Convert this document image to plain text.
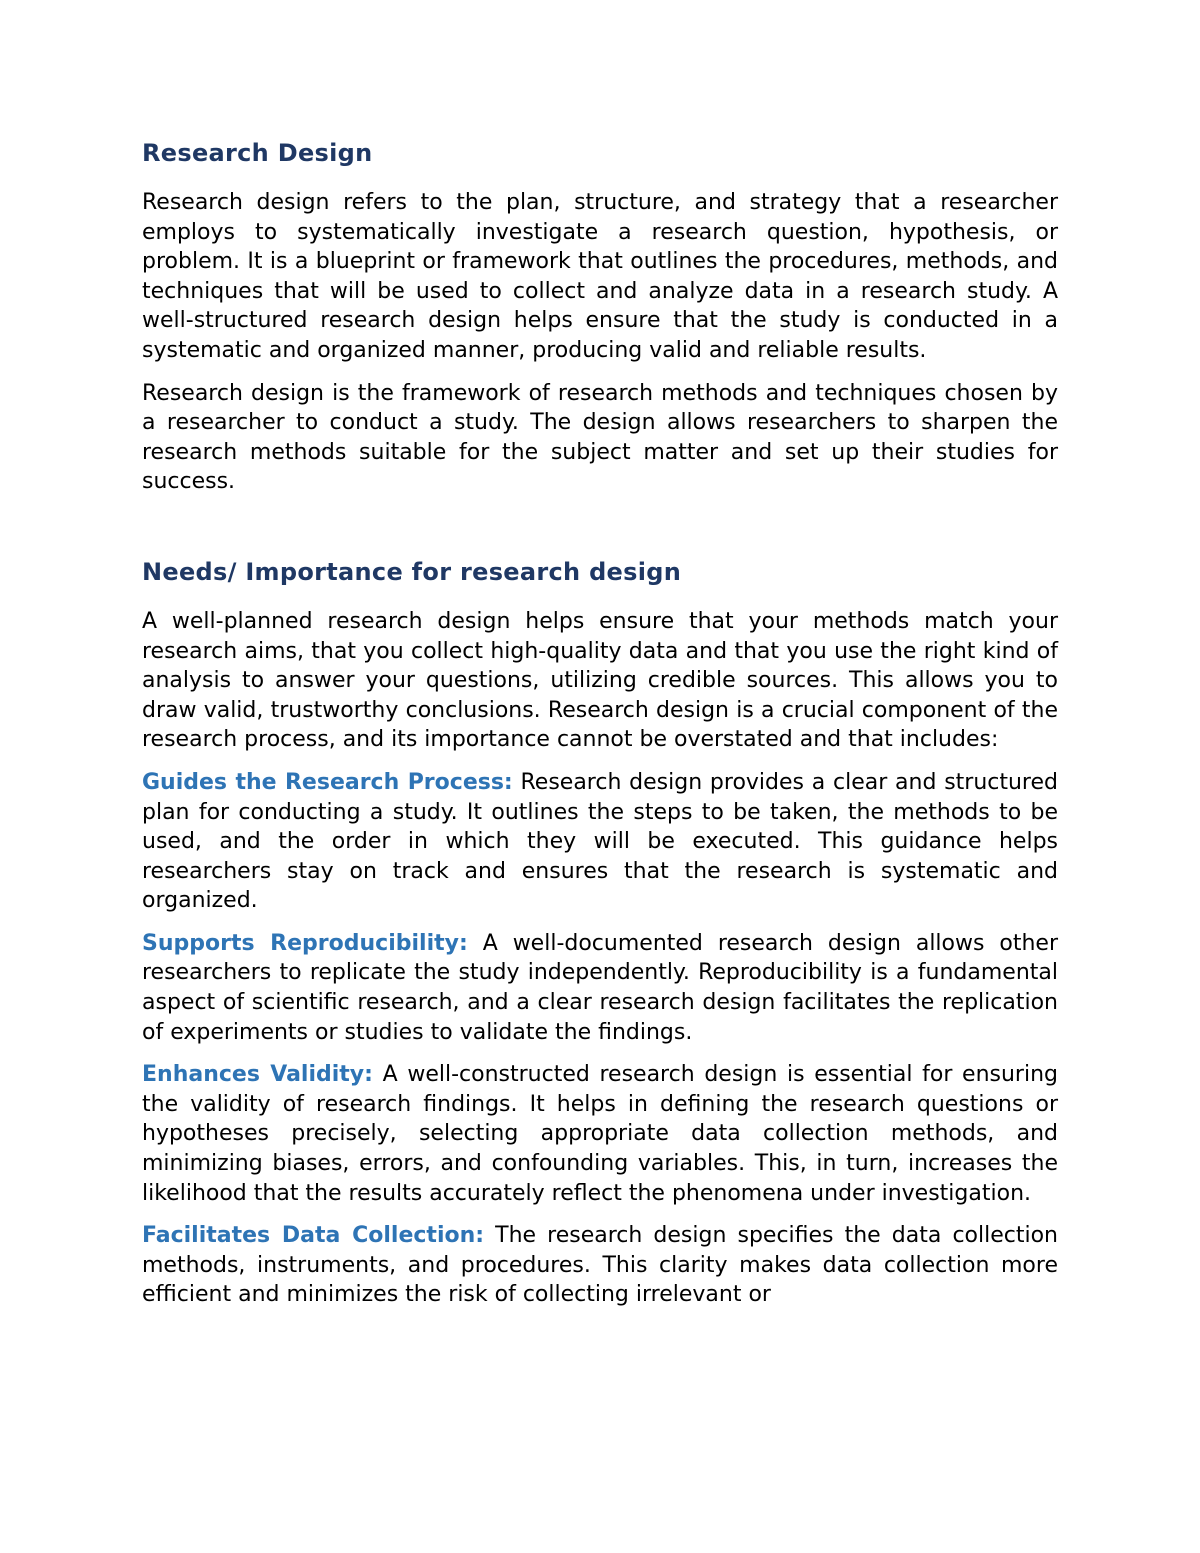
Research Design

Research design refers to the plan, structure, and strategy that a researcher employs to systematically investigate a research question, hypothesis, or problem. It is a blueprint or framework that outlines the procedures, methods, and techniques that will be used to collect and analyze data in a research study. A well-structured research design helps ensure that the study is conducted in a systematic and organized manner, producing valid and reliable results.

Research design is the framework of research methods and techniques chosen by a researcher to conduct a study. The design allows researchers to sharpen the research methods suitable for the subject matter and set up their studies for success.

Needs/ Importance for research design

A well-planned research design helps ensure that your methods match your research aims, that you collect high-quality data and that you use the right kind of analysis to answer your questions, utilizing credible sources. This allows you to draw valid, trustworthy conclusions. Research design is a crucial component of the research process, and its importance cannot be overstated and that includes:

Guides the Research Process: Research design provides a clear and structured plan for conducting a study. It outlines the steps to be taken, the methods to be used, and the order in which they will be executed. This guidance helps researchers stay on track and ensures that the research is systematic and organized.

Supports Reproducibility: A well-documented research design allows other researchers to replicate the study independently. Reproducibility is a fundamental aspect of scientific research, and a clear research design facilitates the replication of experiments or studies to validate the findings.

Enhances Validity: A well-constructed research design is essential for ensuring the validity of research findings. It helps in defining the research questions or hypotheses precisely, selecting appropriate data collection methods, and minimizing biases, errors, and confounding variables. This, in turn, increases the likelihood that the results accurately reflect the phenomena under investigation.

Facilitates Data Collection: The research design specifies the data collection methods, instruments, and procedures. This clarity makes data collection more efficient and minimizes the risk of collecting irrelevant or
